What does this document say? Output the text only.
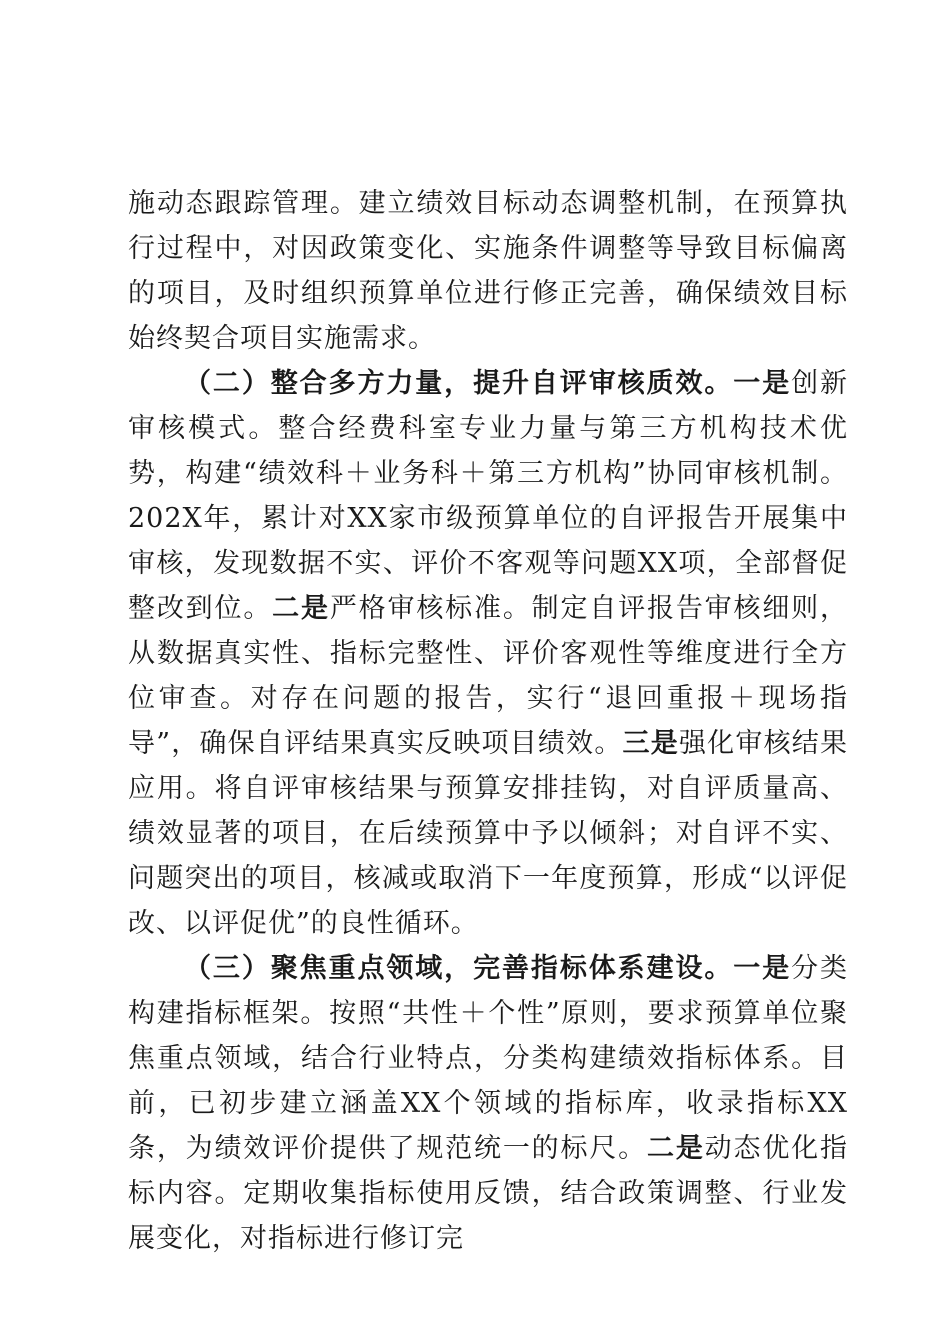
施动态跟踪管理。建立绩效目标动态调整机制，在预算执行过程中，对因政策变化、实施条件调整等导致目标偏离的项目，及时组织预算单位进行修正完善，确保绩效目标始终契合项目实施需求。

（二）整合多方力量，提升自评审核质效。一是创新审核模式。整合经费科室专业力量与第三方机构技术优势，构建“绩效科＋业务科＋第三方机构”协同审核机制。202X年，累计对XX家市级预算单位的自评报告开展集中审核，发现数据不实、评价不客观等问题XX项，全部督促整改到位。二是严格审核标准。制定自评报告审核细则，从数据真实性、指标完整性、评价客观性等维度进行全方位审查。对存在问题的报告，实行“退回重报＋现场指导”，确保自评结果真实反映项目绩效。三是强化审核结果应用。将自评审核结果与预算安排挂钩，对自评质量高、绩效显著的项目，在后续预算中予以倾斜；对自评不实、问题突出的项目，核减或取消下一年度预算，形成“以评促改、以评促优”的良性循环。

（三）聚焦重点领域，完善指标体系建设。一是分类构建指标框架。按照“共性＋个性”原则，要求预算单位聚焦重点领域，结合行业特点，分类构建绩效指标体系。目前，已初步建立涵盖XX个领域的指标库，收录指标XX条，为绩效评价提供了规范统一的标尺。二是动态优化指标内容。定期收集指标使用反馈，结合政策调整、行业发展变化，对指标进行修订完
